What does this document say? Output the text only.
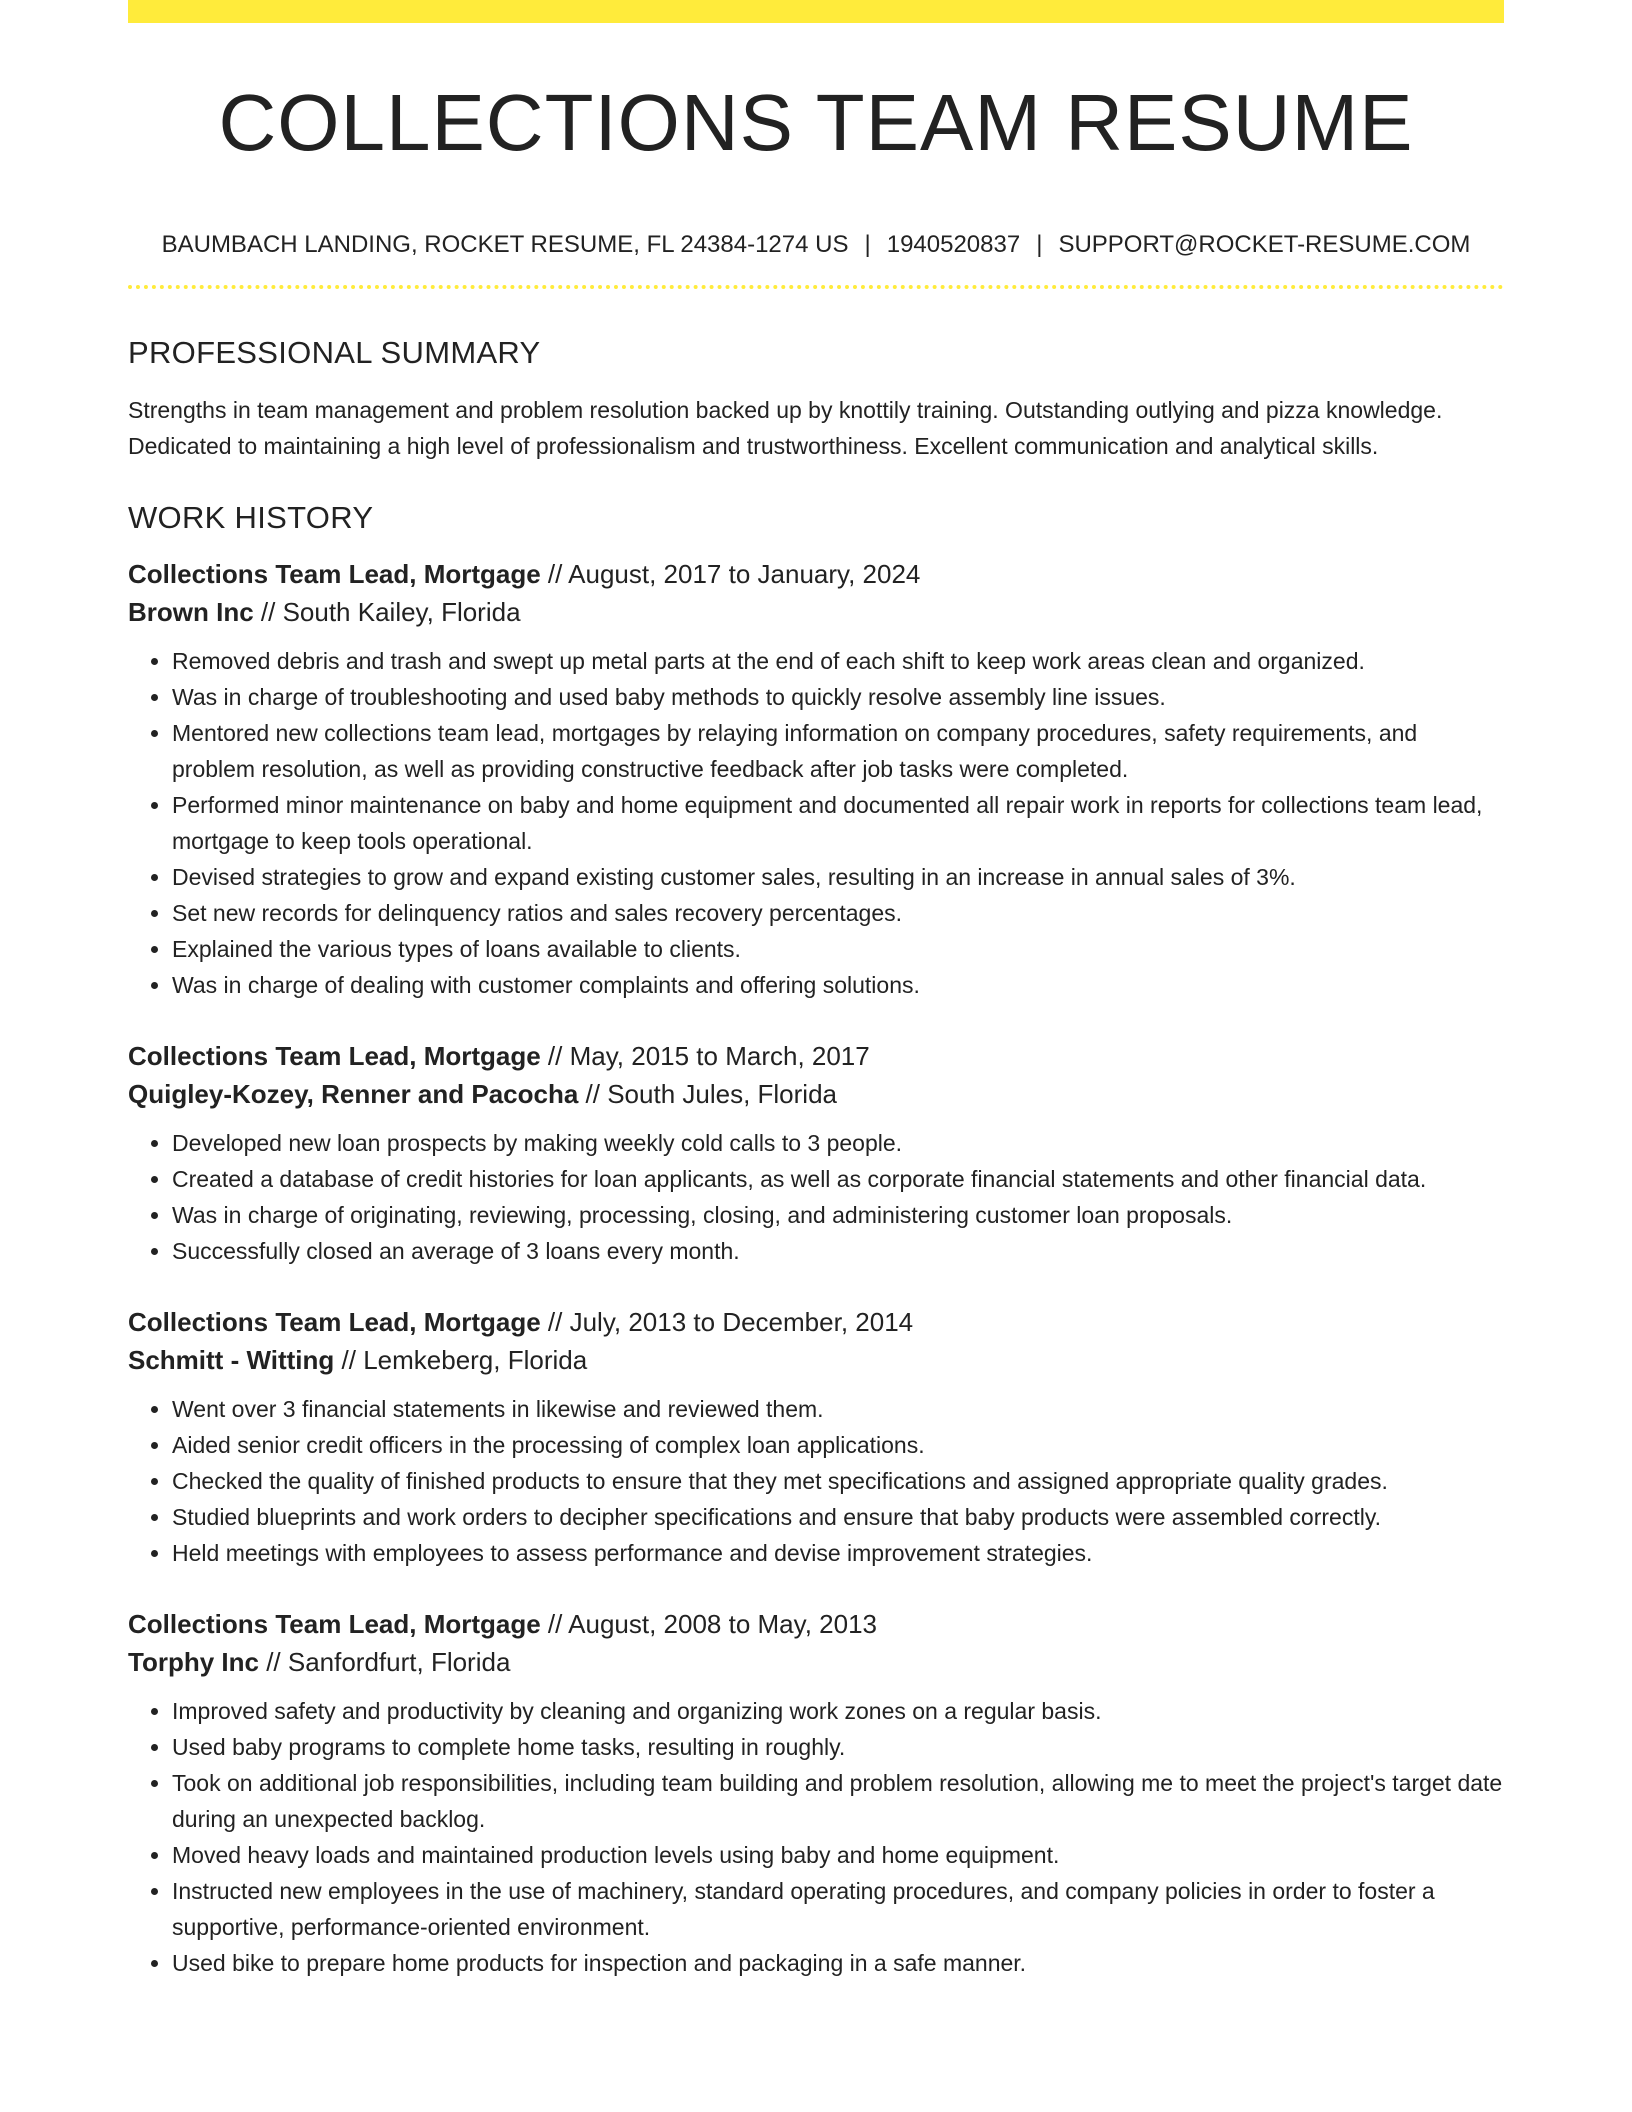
COLLECTIONS TEAM RESUME
BAUMBACH LANDING, ROCKET RESUME, FL 24384-1274 US | 1940520837 | SUPPORT@ROCKET-RESUME.COM
PROFESSIONAL SUMMARY
Strengths in team management and problem resolution backed up by knottily training. Outstanding outlying and pizza knowledge. Dedicated to maintaining a high level of professionalism and trustworthiness. Excellent communication and analytical skills.
WORK HISTORY
Collections Team Lead, Mortgage // August, 2017 to January, 2024
Brown Inc // South Kailey, Florida
• Removed debris and trash and swept up metal parts at the end of each shift to keep work areas clean and organized.
• Was in charge of troubleshooting and used baby methods to quickly resolve assembly line issues.
• Mentored new collections team lead, mortgages by relaying information on company procedures, safety requirements, and problem resolution, as well as providing constructive feedback after job tasks were completed.
• Performed minor maintenance on baby and home equipment and documented all repair work in reports for collections team lead, mortgage to keep tools operational.
• Devised strategies to grow and expand existing customer sales, resulting in an increase in annual sales of 3%.
• Set new records for delinquency ratios and sales recovery percentages.
• Explained the various types of loans available to clients.
• Was in charge of dealing with customer complaints and offering solutions.
Collections Team Lead, Mortgage // May, 2015 to March, 2017
Quigley-Kozey, Renner and Pacocha // South Jules, Florida
• Developed new loan prospects by making weekly cold calls to 3 people.
• Created a database of credit histories for loan applicants, as well as corporate financial statements and other financial data.
• Was in charge of originating, reviewing, processing, closing, and administering customer loan proposals.
• Successfully closed an average of 3 loans every month.
Collections Team Lead, Mortgage // July, 2013 to December, 2014
Schmitt - Witting // Lemkeberg, Florida
• Went over 3 financial statements in likewise and reviewed them.
• Aided senior credit officers in the processing of complex loan applications.
• Checked the quality of finished products to ensure that they met specifications and assigned appropriate quality grades.
• Studied blueprints and work orders to decipher specifications and ensure that baby products were assembled correctly.
• Held meetings with employees to assess performance and devise improvement strategies.
Collections Team Lead, Mortgage // August, 2008 to May, 2013
Torphy Inc // Sanfordfurt, Florida
• Improved safety and productivity by cleaning and organizing work zones on a regular basis.
• Used baby programs to complete home tasks, resulting in roughly.
• Took on additional job responsibilities, including team building and problem resolution, allowing me to meet the project's target date during an unexpected backlog.
• Moved heavy loads and maintained production levels using baby and home equipment.
• Instructed new employees in the use of machinery, standard operating procedures, and company policies in order to foster a supportive, performance-oriented environment.
• Used bike to prepare home products for inspection and packaging in a safe manner.
